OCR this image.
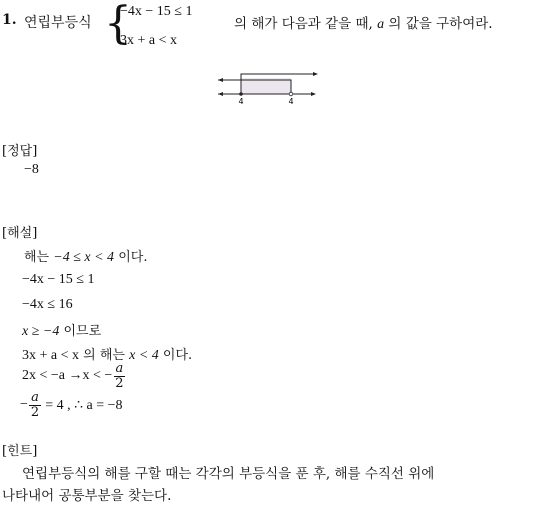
1. 연립부등식 {
−4x − 15 ≤ 1
3x + a < x
의 해가 다음과 같을 때, a 의 값을 구하여라.
4	4
[정답]
−8
[해설]
해는 −4 ≤ x < 4 이다.
−4x − 15 ≤ 1
−4x ≤ 16
x ≥ −4 이므로
3x + a < x 의 해는 x < 4 이다.
2x < −a →x < − $\frac{a}{2}$
− $\frac{a}{2} = 4$ , ∴ a = −8
[힌트]
연립부등식의 해를 구할 때는 각각의 부등식을 푼 후, 해를 수직선 위에
나타내어 공통부분을 찾는다.
